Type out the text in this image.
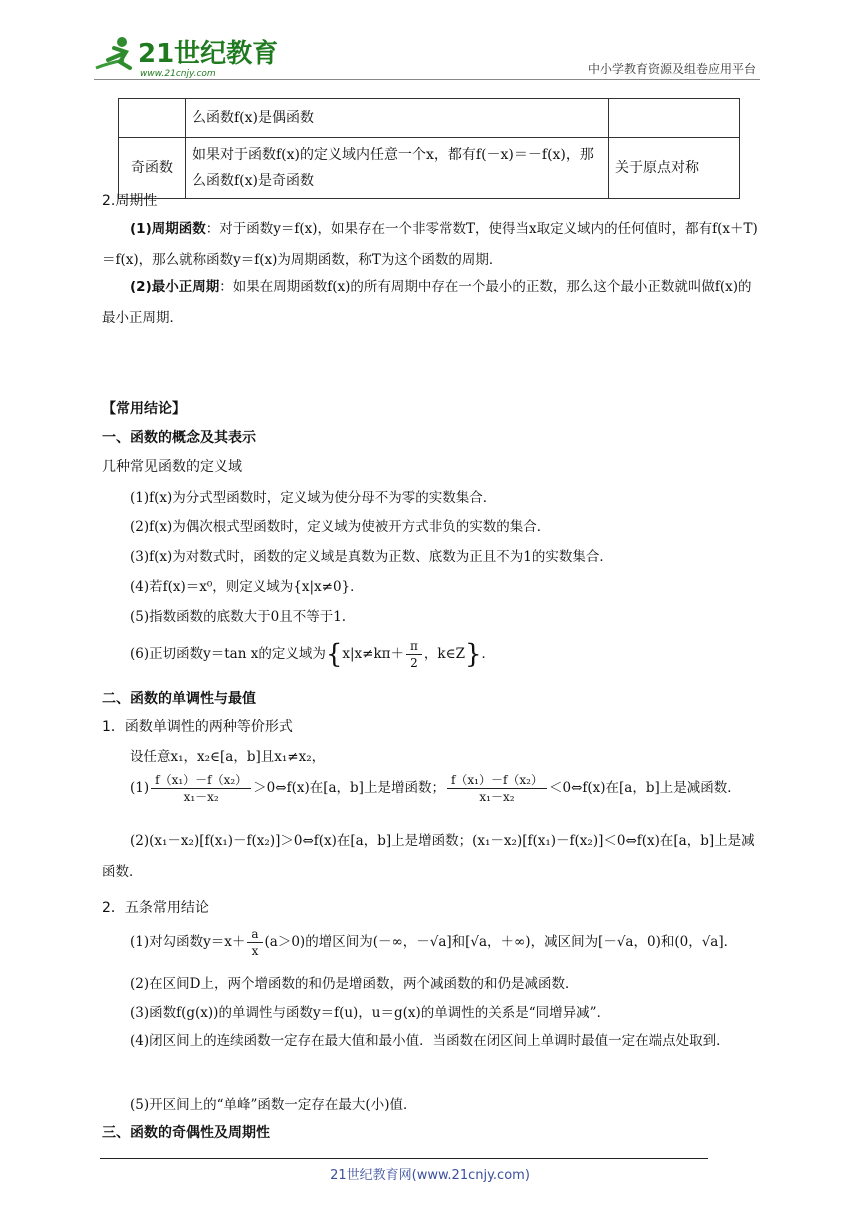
21世纪教育
www.21cnjy.com	中小学教育资源及组卷应用平台
	么函数f(x)是偶函数	
奇函数	如果对于函数f(x)的定义域内任意一个x，都有f(－x)＝－f(x)，那么函数f(x)是奇函数	关于原点对称
2.周期性
(1)周期函数：对于函数y＝f(x)，如果存在一个非零常数T，使得当x取定义域内的任何值时，都有f(x＋T)＝f(x)，那么就称函数y＝f(x)为周期函数，称T为这个函数的周期．
(2)最小正周期：如果在周期函数f(x)的所有周期中存在一个最小的正数，那么这个最小正数就叫做f(x)的最小正周期．
【常用结论】
一、函数的概念及其表示
几种常见函数的定义域
(1)f(x)为分式型函数时，定义域为使分母不为零的实数集合．
(2)f(x)为偶次根式型函数时，定义域为使被开方式非负的实数的集合．
(3)f(x)为对数式时，函数的定义域是真数为正数、底数为正且不为1的实数集合．
(4)若f(x)＝x⁰，则定义域为{x|x≠0}．
(5)指数函数的底数大于0且不等于1.
(6)正切函数y＝tan x的定义域为{$x|x\ne k\pi+ \frac{\pi}{2}$ ，k∈Z}．
二、函数的单调性与最值
1．函数单调性的两种等价形式
设任意x₁，x₂∈[a，b]且x₁≠x₂，
$(1) \frac{\text{f（x₁）－f（x₂）}}{\text{x₁－x₂}}$ ＞0⇔f(x)在[a，b]上是增函数； $\frac{\text{f（x₁）－f（x₂）}}{\text{x₁－x₂}}$ ＜0⇔f(x)在[a，b]上是减函数．
(2)(x₁－x₂)[f(x₁)－f(x₂)]＞0⇔f(x)在[a，b]上是增函数；(x₁－x₂)[f(x₁)－f(x₂)]＜0⇔f(x)在[a，b]上是减函数．
2．五条常用结论
(1)对勾函数$y=x+ \frac{a}{x} (a>0)$的增区间为(－∞，－√a]和[√a，＋∞)，减区间为[－√a，0)和(0，√a]．
(2)在区间D上，两个增函数的和仍是增函数，两个减函数的和仍是减函数．
(3)函数f(g(x))的单调性与函数y＝f(u)，u＝g(x)的单调性的关系是“同增异减”．
(4)闭区间上的连续函数一定存在最大值和最小值．当函数在闭区间上单调时最值一定在端点处取到．
(5)开区间上的“单峰”函数一定存在最大(小)值．
三、函数的奇偶性及周期性
21世纪教育网(www.21cnjy.com)
